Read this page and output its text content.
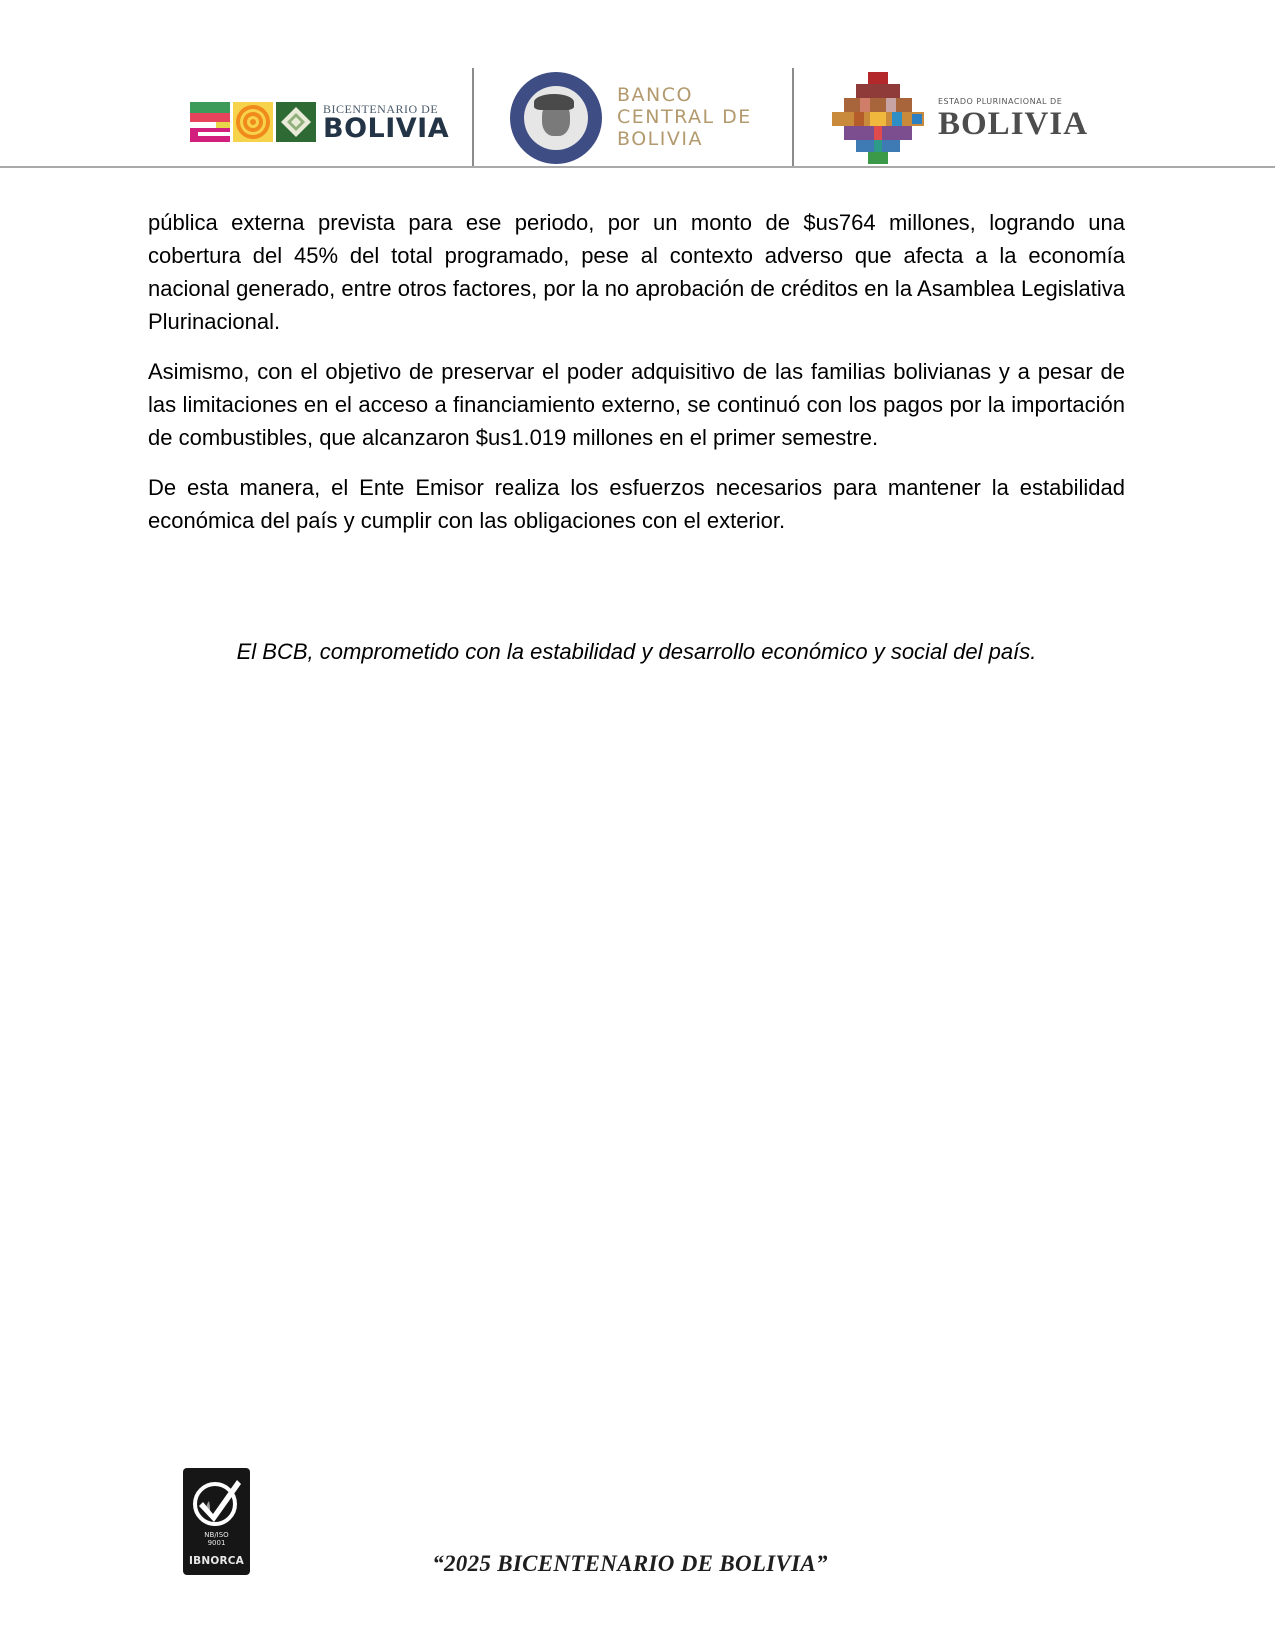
BICENTENARIO DE
BOLIVIA
BANCO
CENTRAL DE
BOLIVIA
ESTADO PLURINACIONAL DE
BOLIVIA

pública externa prevista para ese periodo, por un monto de $us764 millones, logrando una cobertura del 45% del total programado, pese al contexto adverso que afecta a la economía nacional generado, entre otros factores, por la no aprobación de créditos en la Asamblea Legislativa Plurinacional.

Asimismo, con el objetivo de preservar el poder adquisitivo de las familias bolivianas y a pesar de las limitaciones en el acceso a financiamiento externo, se continuó con los pagos por la importación de combustibles, que alcanzaron $us1.019 millones en el primer semestre.

De esta manera, el Ente Emisor realiza los esfuerzos necesarios para mantener la estabilidad económica del país y cumplir con las obligaciones con el exterior.

El BCB, comprometido con la estabilidad y desarrollo económico y social del país.
NB/ISO
9001
IBNORCA	“2025 BICENTENARIO DE BOLIVIA”
